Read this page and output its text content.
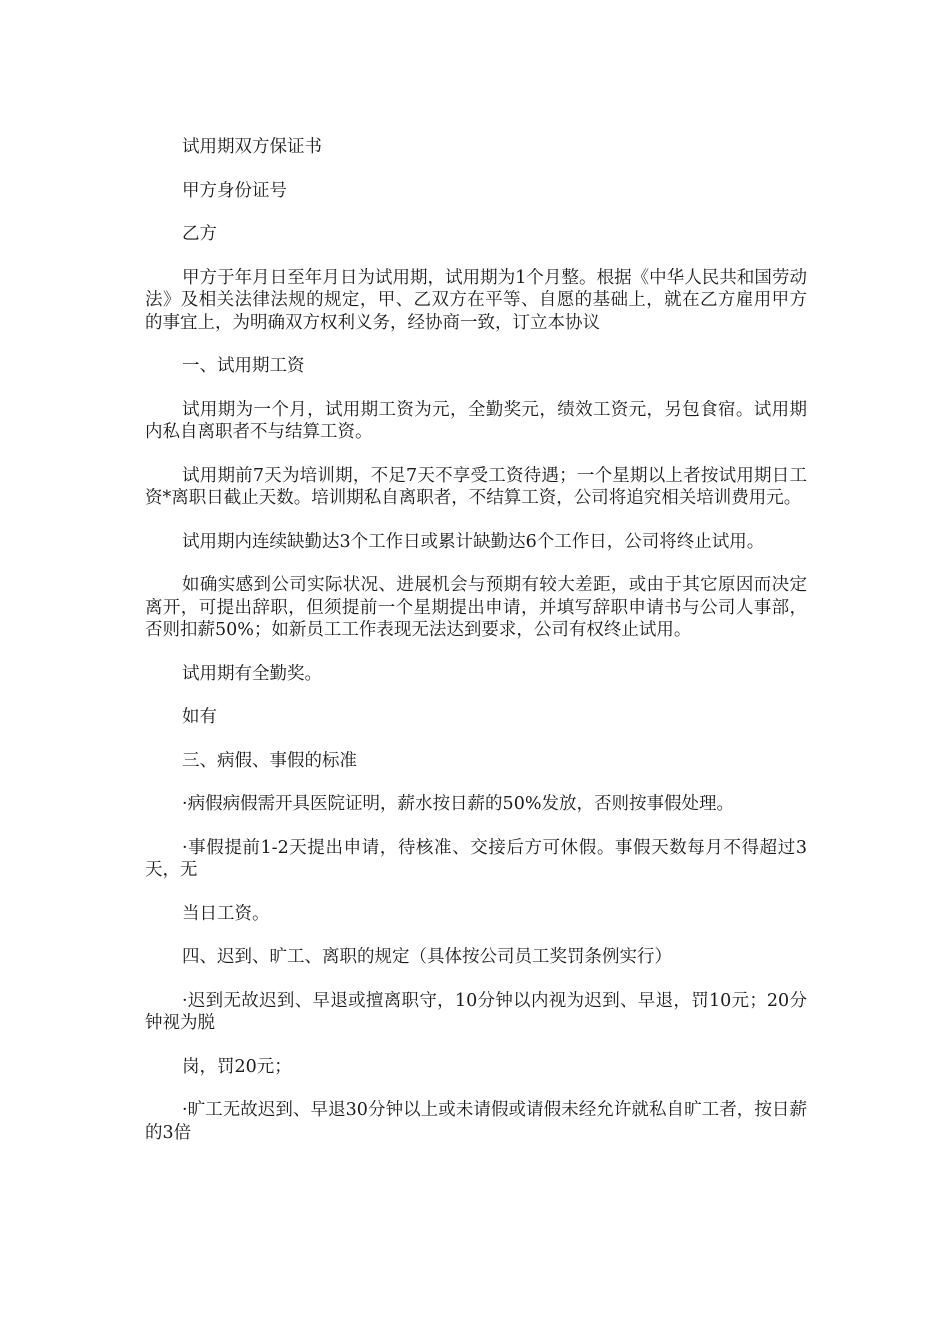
试用期双方保证书

甲方身份证号

乙方

甲方于年月日至年月日为试用期，试用期为1个月整。根据《中华人民共和国劳动法》及相关法律法规的规定，甲、乙双方在平等、自愿的基础上，就在乙方雇用甲方的事宜上，为明确双方权利义务，经协商一致，订立本协议

一、试用期工资

试用期为一个月，试用期工资为元，全勤奖元，绩效工资元，另包食宿。试用期内私自离职者不与结算工资。

试用期前7天为培训期，不足7天不享受工资待遇；一个星期以上者按试用期日工资*离职日截止天数。培训期私自离职者，不结算工资，公司将追究相关培训费用元。

试用期内连续缺勤达3个工作日或累计缺勤达6个工作日，公司将终止试用。

如确实感到公司实际状况、进展机会与预期有较大差距，或由于其它原因而决定离开，可提出辞职，但须提前一个星期提出申请，并填写辞职申请书与公司人事部，否则扣薪50%；如新员工工作表现无法达到要求，公司有权终止试用。

试用期有全勤奖。

如有

三、病假、事假的标准

·病假病假需开具医院证明，薪水按日薪的50%发放，否则按事假处理。

·事假提前1-2天提出申请，待核准、交接后方可休假。事假天数每月不得超过3天，无

当日工资。

四、迟到、旷工、离职的规定（具体按公司员工奖罚条例实行）

·迟到无故迟到、早退或擅离职守，10分钟以内视为迟到、早退，罚10元；20分钟视为脱

岗，罚20元；

·旷工无故迟到、早退30分钟以上或未请假或请假未经允许就私自旷工者，按日薪的3倍
